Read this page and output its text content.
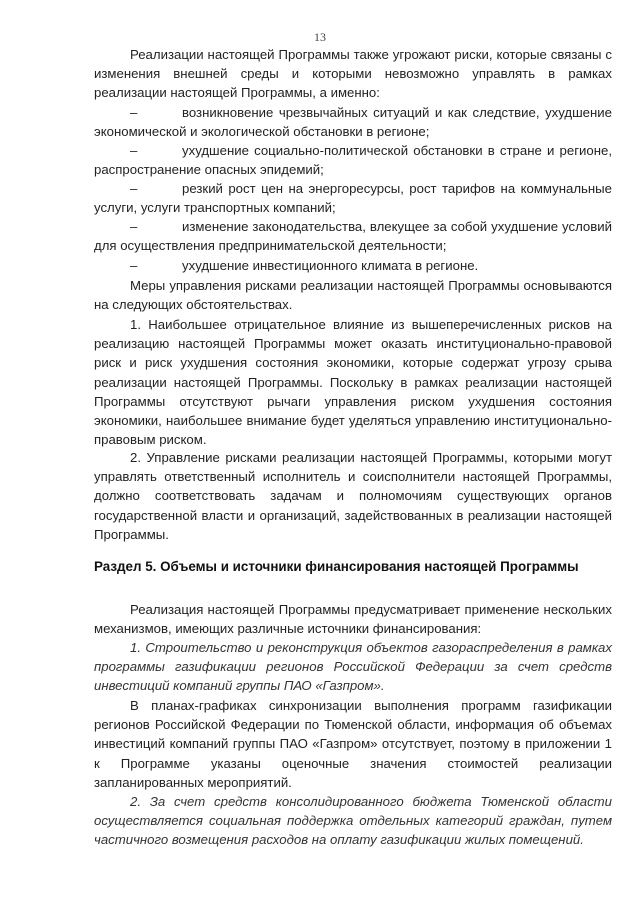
13

Реализации настоящей Программы также угрожают риски, которые связаны с изменения внешней среды и которыми невозможно управлять в рамках реализации настоящей Программы, а именно:

–	возникновение чрезвычайных ситуаций и как следствие, ухудшение экономической и экологической обстановки в регионе;

–	ухудшение социально-политической обстановки в стране и регионе, распространение опасных эпидемий;

–	резкий рост цен на энергоресурсы, рост тарифов на коммунальные услуги, услуги транспортных компаний;

–	изменение законодательства, влекущее за собой ухудшение условий для осуществления предпринимательской деятельности;

–	ухудшение инвестиционного климата в регионе.

Меры управления рисками реализации настоящей Программы основываются на следующих обстоятельствах.

1. Наибольшее отрицательное влияние из вышеперечисленных рисков на реализацию настоящей Программы может оказать институционально-правовой риск и риск ухудшения состояния экономики, которые содержат угрозу срыва реализации настоящей Программы. Поскольку в рамках реализации настоящей Программы отсутствуют рычаги управления риском ухудшения состояния экономики, наибольшее внимание будет уделяться управлению институционально-правовым риском.

2. Управление рисками реализации настоящей Программы, которыми могут управлять ответственный исполнитель и соисполнители настоящей Программы, должно соответствовать задачам и полномочиям существующих органов государственной власти и организаций, задействованных в реализации настоящей Программы.

Раздел 5. Объемы и источники финансирования настоящей Программы

Реализация настоящей Программы предусматривает применение нескольких механизмов, имеющих различные источники финансирования:

1. Строительство и реконструкция объектов газораспределения в рамках программы газификации регионов Российской Федерации за счет средств инвестиций компаний группы ПАО «Газпром».

В планах-графиках синхронизации выполнения программ газификации регионов Российской Федерации по Тюменской области, информация об объемах инвестиций компаний группы ПАО «Газпром» отсутствует, поэтому в приложении 1 к Программе указаны оценочные значения стоимостей реализации запланированных мероприятий.

2. За счет средств консолидированного бюджета Тюменской области осуществляется социальная поддержка отдельных категорий граждан, путем частичного возмещения расходов на оплату газификации жилых помещений.
